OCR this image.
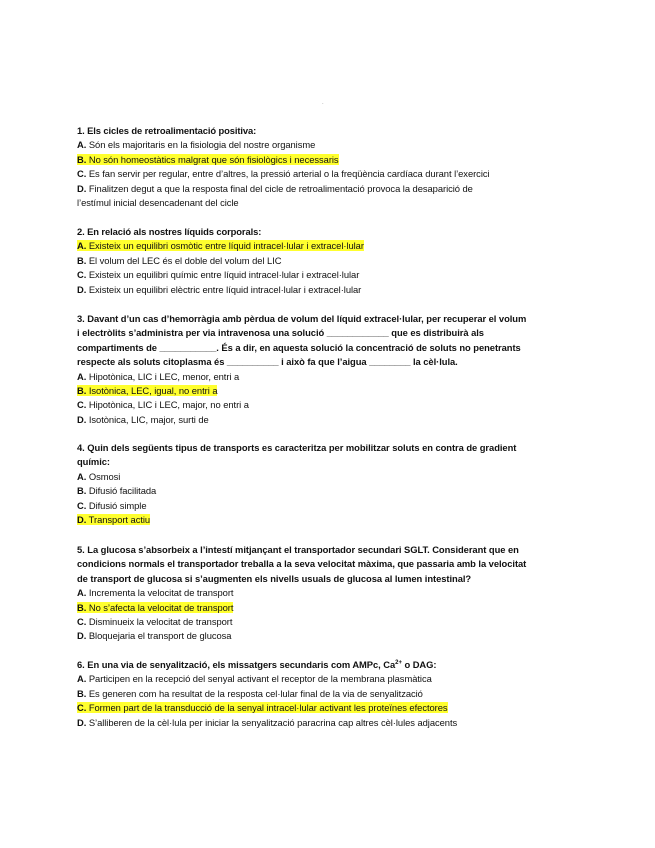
.
1. Els cicles de retroalimentació positiva:
A. Són els majoritaris en la fisiologia del nostre organisme
B. No són homeostàtics malgrat que són fisiològics i necessaris
C. Es fan servir per regular, entre d’altres, la pressió arterial o la freqüència cardíaca durant l’exercici
D. Finalitzen degut a que la resposta final del cicle de retroalimentació provoca la desaparició de
l’estímul inicial desencadenant del cicle
2. En relació als nostres líquids corporals:
A. Existeix un equilibri osmòtic entre líquid intracel·lular i extracel·lular
B. El volum del LEC és el doble del volum del LIC
C. Existeix un equilibri químic entre líquid intracel·lular i extracel·lular
D. Existeix un equilibri elèctric entre líquid intracel·lular i extracel·lular
3. Davant d’un cas d’hemorràgia amb pèrdua de volum del líquid extracel·lular, per recuperar el volum
i electròlits s’administra per via intravenosa una solució ____________ que es distribuirà als
compartiments de ___________. És a dir, en aquesta solució la concentració de soluts no penetrants
respecte als soluts citoplasma és __________ i això fa que l’aigua ________ la cèl·lula.
A. Hipotònica, LIC i LEC, menor, entri a
B. Isotònica, LEC, igual, no entri a
C. Hipotònica, LIC i LEC, major, no entri a
D. Isotònica, LIC, major, surti de
4. Quin dels següents tipus de transports es caracteritza per mobilitzar soluts en contra de gradient
químic:
A. Osmosi
B. Difusió facilitada
C. Difusió simple
D. Transport actiu
5. La glucosa s’absorbeix a l’intestí mitjançant el transportador secundari SGLT. Considerant que en
condicions normals el transportador treballa a la seva velocitat màxima, que passaria amb la velocitat
de transport de glucosa si s’augmenten els nivells usuals de glucosa al lumen intestinal?
A. Incrementa la velocitat de transport
B. No s’afecta la velocitat de transport
C. Disminueix la velocitat de transport
D. Bloquejaria el transport de glucosa
6. En una via de senyalització, els missatgers secundaris com AMPc, $Ca^{2+}$ o DAG:
A. Participen en la recepció del senyal activant el receptor de la membrana plasmàtica
B. Es generen com ha resultat de la resposta cel·lular final de la via de senyalització
C. Formen part de la transducció de la senyal intracel·lular activant les proteïnes efectores
D. S’alliberen de la cèl·lula per iniciar la senyalització paracrina cap altres cèl·lules adjacents
